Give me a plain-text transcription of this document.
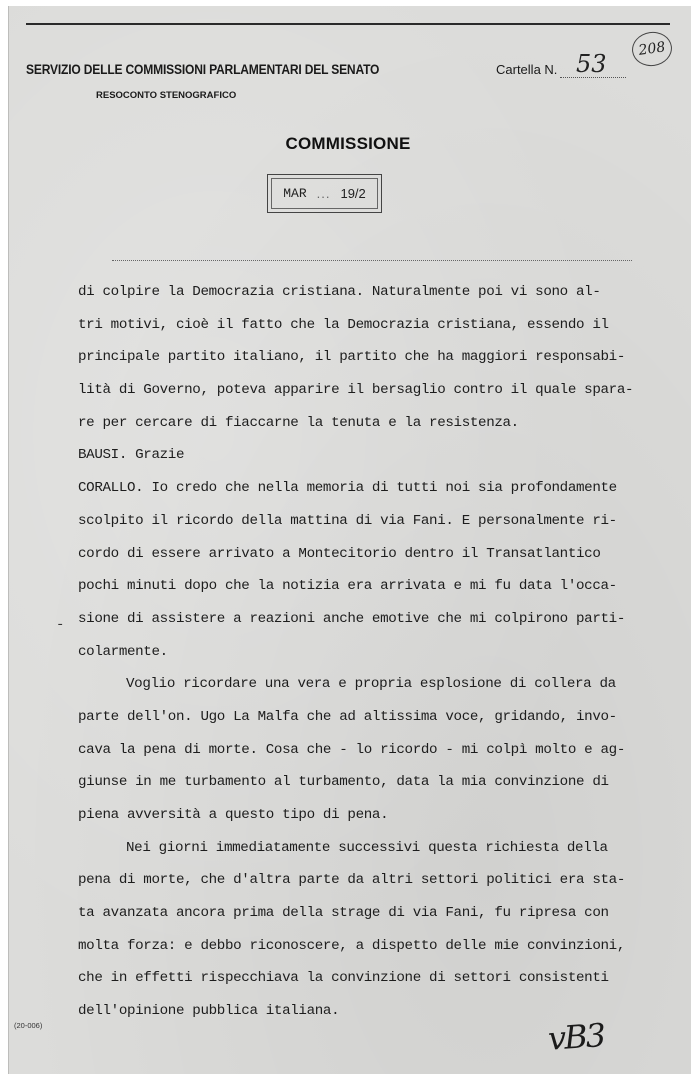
SERVIZIO DELLE COMMISSIONI PARLAMENTARI DEL SENATO
RESOCONTO STENOGRAFICO
Cartella N. 53
208
COMMISSIONE
MAR ... 19/2
di colpire la Democrazia cristiana. Naturalmente poi vi sono al-
tri motivi, cioè il fatto che la Democrazia cristiana, essendo il
principale partito italiano, il partito che ha maggiori responsabi-
lità di Governo, poteva apparire il bersaglio contro il quale spara-
re per cercare di fiaccarne la tenuta e la resistenza.
BAUSI. Grazie
CORALLO. Io credo che nella memoria di tutti noi sia profondamente
scolpito il ricordo della mattina di via Fani. E personalmente ri-
cordo di essere arrivato a Montecitorio dentro il Transatlantico
pochi minuti dopo che la notizia era arrivata e mi fu data l'occa-
sione di assistere a reazioni anche emotive che mi colpirono parti-
colarmente.
Voglio ricordare una vera e propria esplosione di collera da
parte dell'on. Ugo La Malfa che ad altissima voce, gridando, invo-
cava la pena di morte. Cosa che - lo ricordo - mi colpì molto e ag-
giunse in me turbamento al turbamento, data la mia convinzione di
piena avversità a questo tipo di pena.
Nei giorni immediatamente successivi questa richiesta della
pena di morte, che d'altra parte da altri settori politici era sta-
ta avanzata ancora prima della strage di via Fani, fu ripresa con
molta forza: e debbo riconoscere, a dispetto delle mie convinzioni,
che in effetti rispecchiava la convinzione di settori consistenti
dell'opinione pubblica italiana.
-
(20-006)	vB3
